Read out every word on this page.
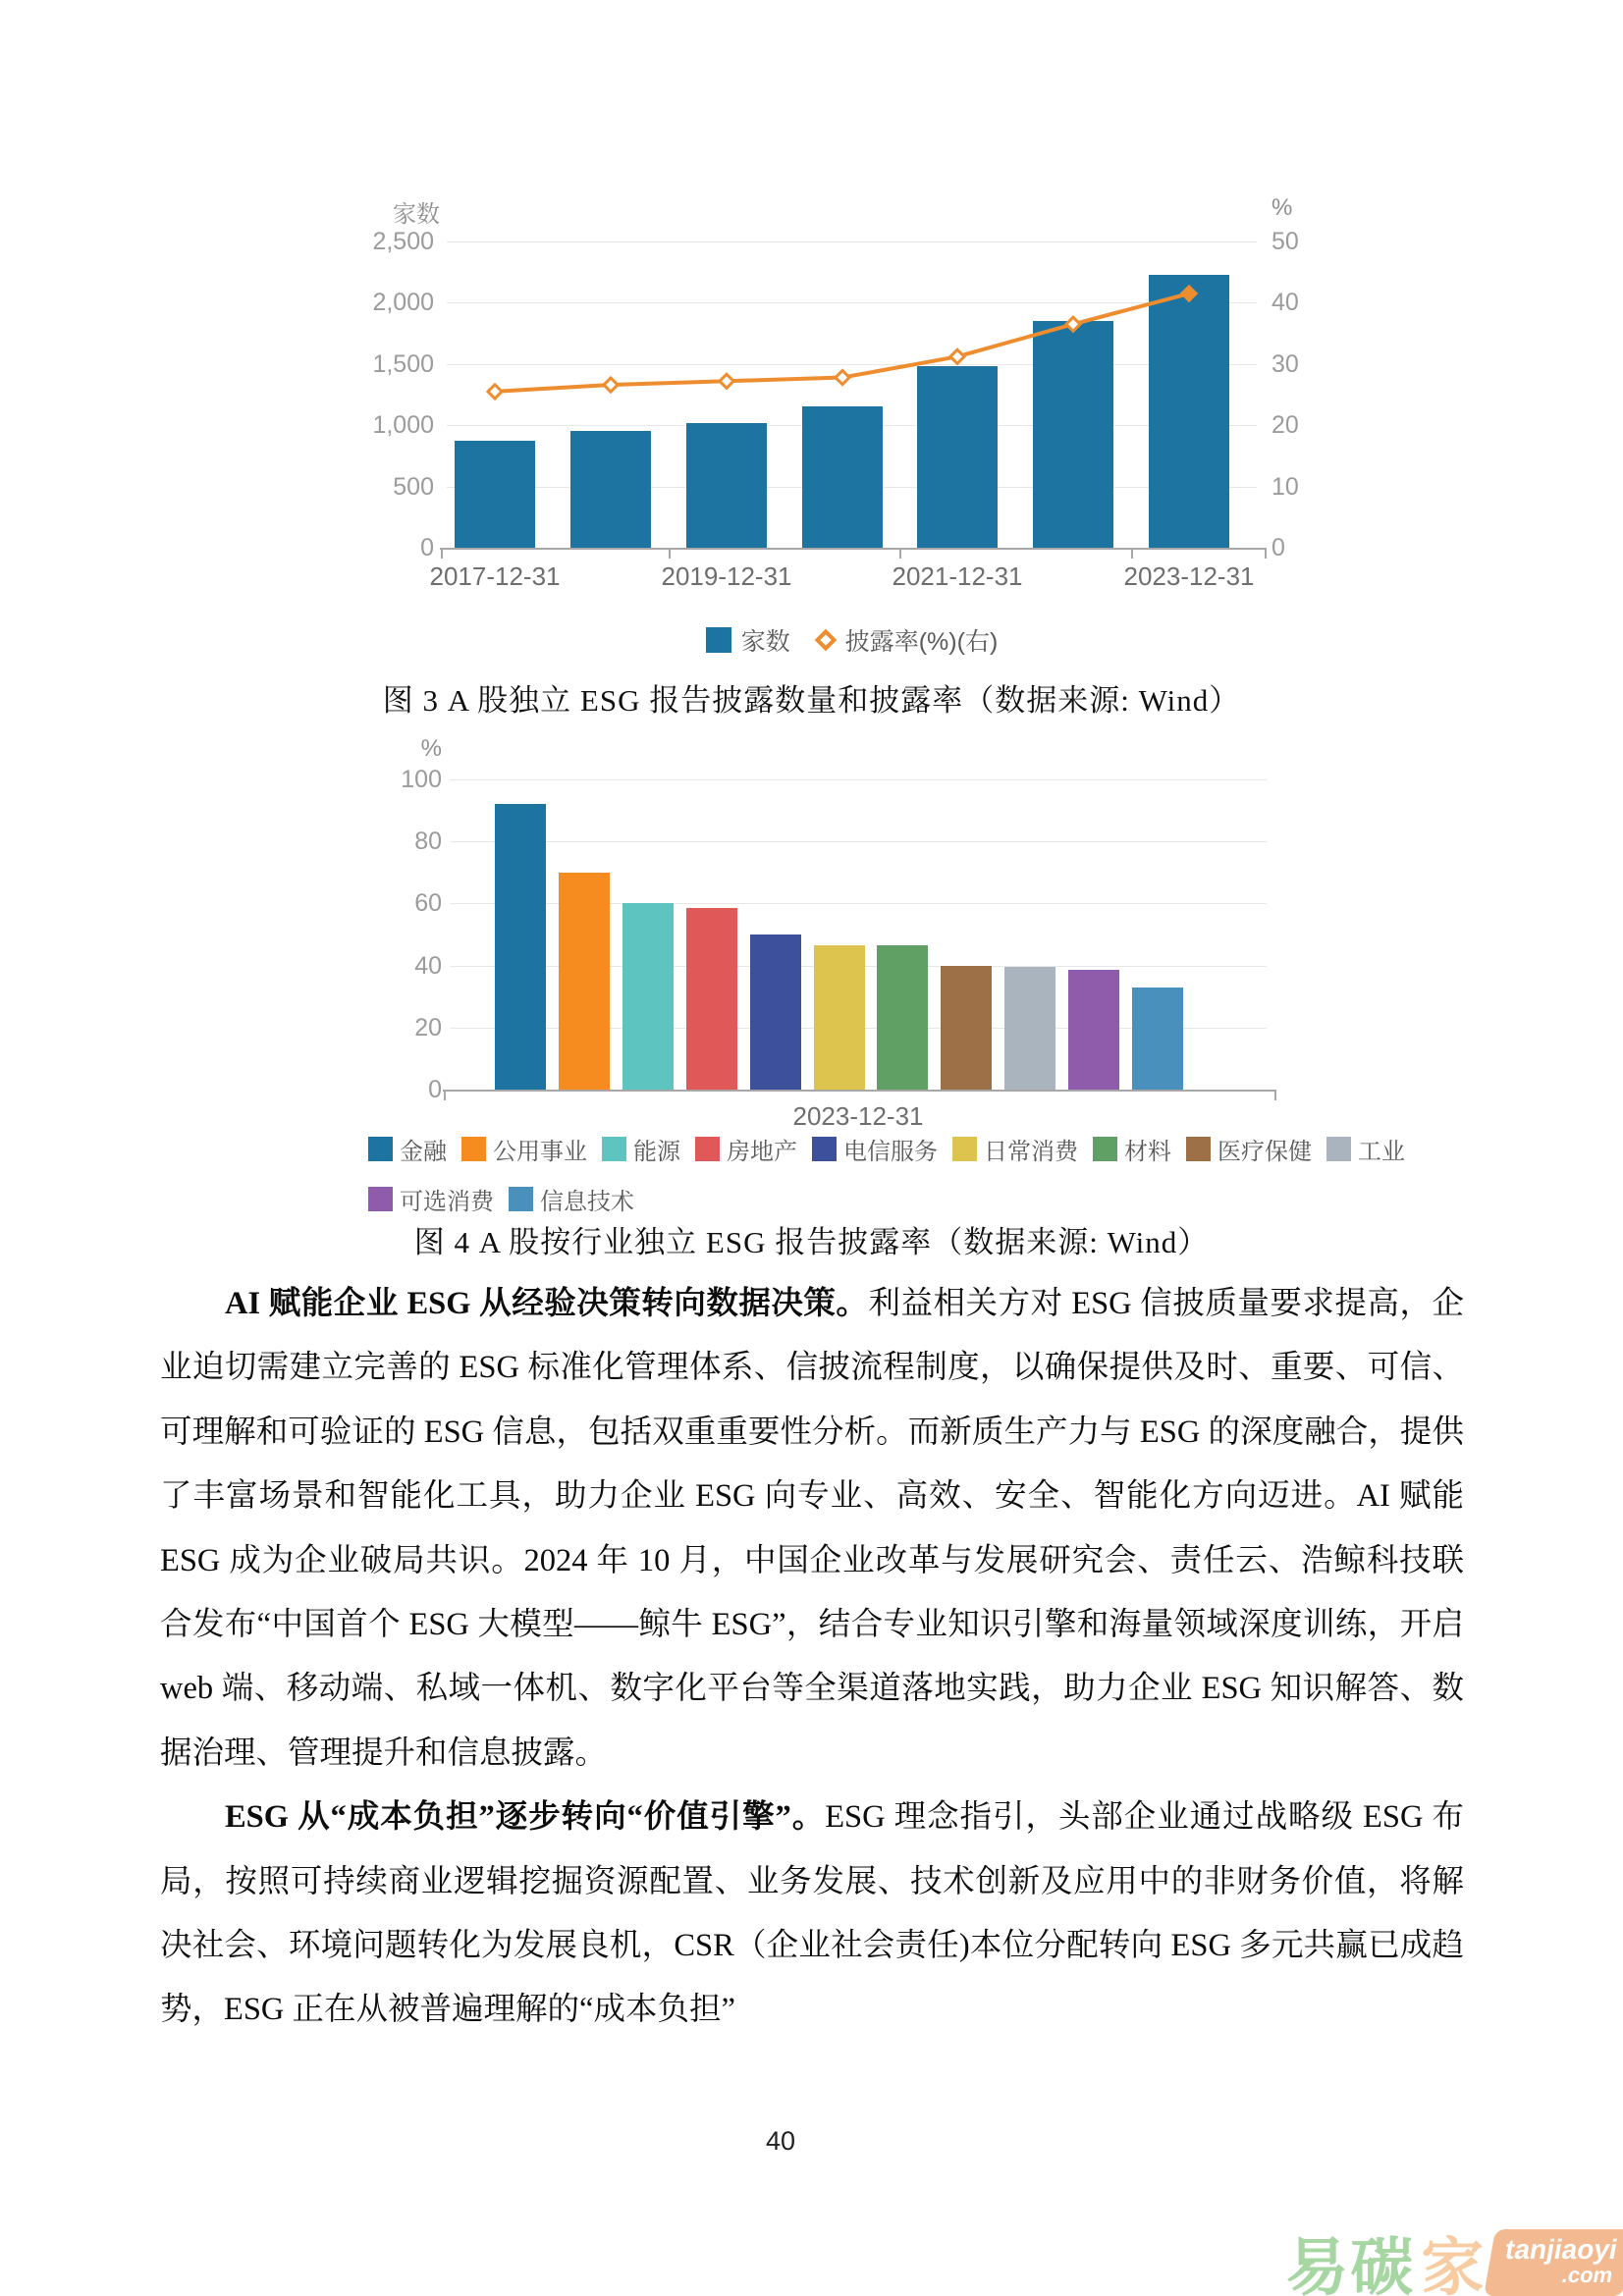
家数	%
0
500
1,000
1,500
2,000
2,500
0
10
20
30
40
50
2017-12-31	2019-12-31	2021-12-31	2023-12-31
家数 披露率(%)(右)
图 3 A 股独立 ESG 报告披露数量和披露率（数据来源: Wind）
%
0
20
40
60
80
100
2023-12-31
金融 公用事业 能源 房地产 电信服务 日常消费 材料 医疗保健 工业
可选消费 信息技术
图 4 A 股按行业独立 ESG 报告披露率（数据来源: Wind）

AI 赋能企业 ESG 从经验决策转向数据决策。利益相关方对 ESG 信披质量要求提高，企业迫切需建立完善的 ESG 标准化管理体系、信披流程制度，以确保提供及时、重要、可信、可理解和可验证的 ESG 信息，包括双重重要性分析。而新质生产力与 ESG 的深度融合，提供了丰富场景和智能化工具，助力企业 ESG 向专业、高效、安全、智能化方向迈进。AI 赋能 ESG 成为企业破局共识。2024 年 10 月，中国企业改革与发展研究会、责任云、浩鲸科技联合发布“中国首个 ESG 大模型——鲸牛 ESG”，结合专业知识引擎和海量领域深度训练，开启 web 端、移动端、私域一体机、数字化平台等全渠道落地实践，助力企业 ESG 知识解答、数据治理、管理提升和信息披露。

ESG 从“成本负担”逐步转向“价值引擎”。ESG 理念指引，头部企业通过战略级 ESG 布局，按照可持续商业逻辑挖掘资源配置、业务发展、技术创新及应用中的非财务价值，将解决社会、环境问题转化为发展良机，CSR（企业社会责任)本位分配转向 ESG 多元共赢已成趋势，ESG 正在从被普遍理解的“成本负担”

40
易碳 家 tanjiaoyi
.com
